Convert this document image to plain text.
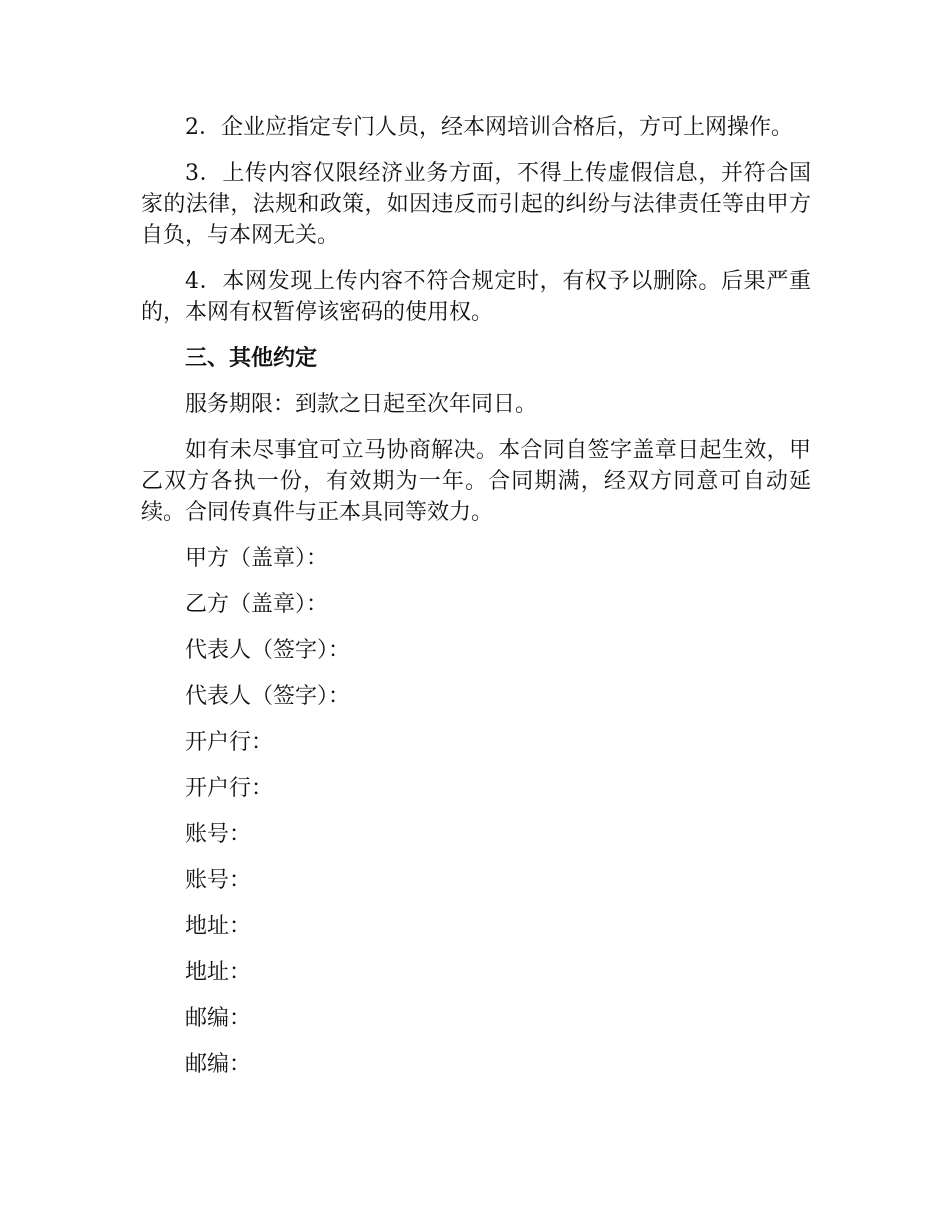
2．企业应指定专门人员，经本网培训合格后，方可上网操作。

3．上传内容仅限经济业务方面，不得上传虚假信息，并符合国家的法律，法规和政策，如因违反而引起的纠纷与法律责任等由甲方自负，与本网无关。

4．本网发现上传内容不符合规定时，有权予以删除。后果严重的，本网有权暂停该密码的使用权。

三、其他约定

服务期限：到款之日起至次年同日。

如有未尽事宜可立马协商解决。本合同自签字盖章日起生效，甲乙双方各执一份，有效期为一年。合同期满，经双方同意可自动延续。合同传真件与正本具同等效力。

甲方（盖章）：

乙方（盖章）：

代表人（签字）：

代表人（签字）：

开户行：

开户行：

账号：

账号：

地址：

地址：

邮编：

邮编：
